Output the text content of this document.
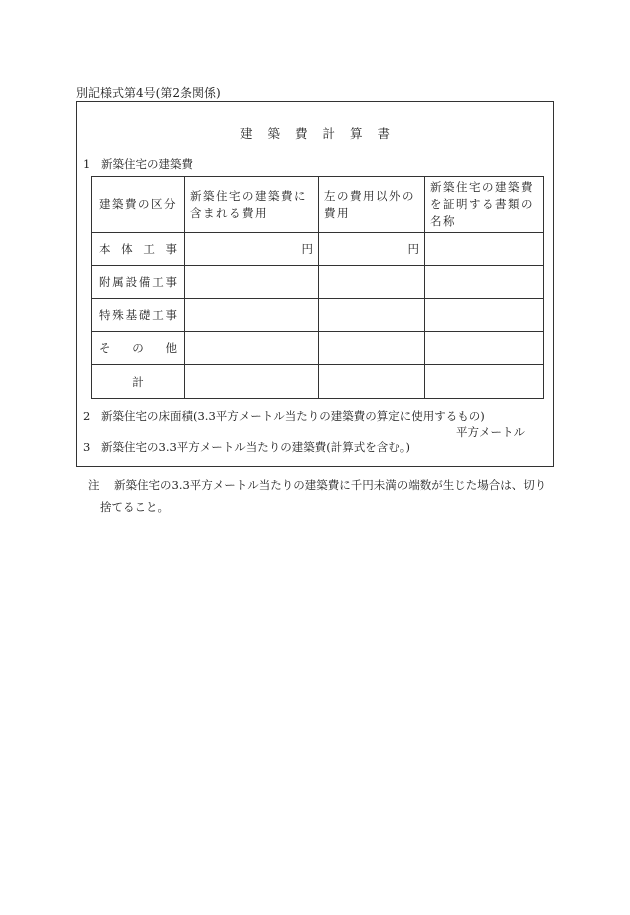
別記様式第4号(第2条関係)
建築費計算書
1 新築住宅の建築費
建築費の区分	新築住宅の建築費に含まれる費用	左の費用以外の費用	新築住宅の建築費を証明する書類の名称
本体工事	円	円	
附属設備工事			
特殊基礎工事			
その他			
計			
2 新築住宅の床面積(3.3平方メートル当たりの建築費の算定に使用するもの)
平方メートル
3 新築住宅の3.3平方メートル当たりの建築費(計算式を含む。)
注	新築住宅の3.3平方メートル当たりの建築費に千円未満の端数が生じた場合は、切り
捨てること。
